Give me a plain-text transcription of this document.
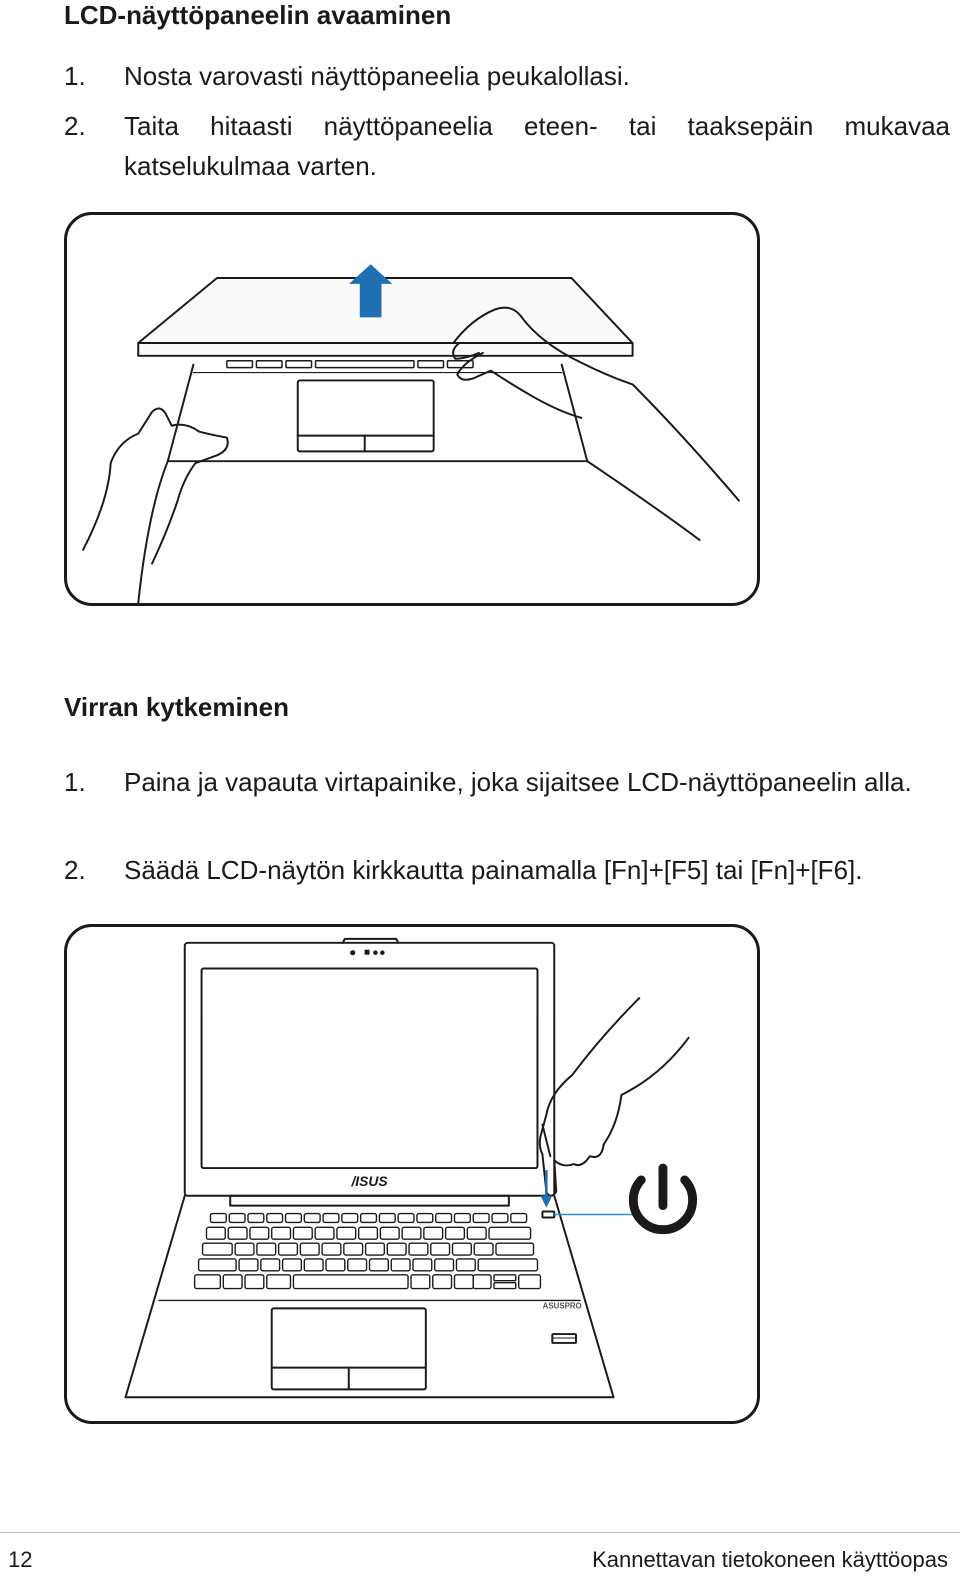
LCD-näyttöpaneelin avaaminen
1. Nosta varovasti näyttöpaneelia peukalollasi.
2. Taita hitaasti näyttöpaneelia eteen- tai taaksepäin mukavaa katselukulmaa varten.
Virran kytkeminen
1. Paina ja vapauta virtapainike, joka sijaitsee LCD-näyttöpaneelin alla.
2. Säädä LCD-näytön kirkkautta painamalla [Fn]+[F5] tai [Fn]+[F6].
/ISUS
ASUSPRO
12	Kannettavan tietokoneen käyttöopas
